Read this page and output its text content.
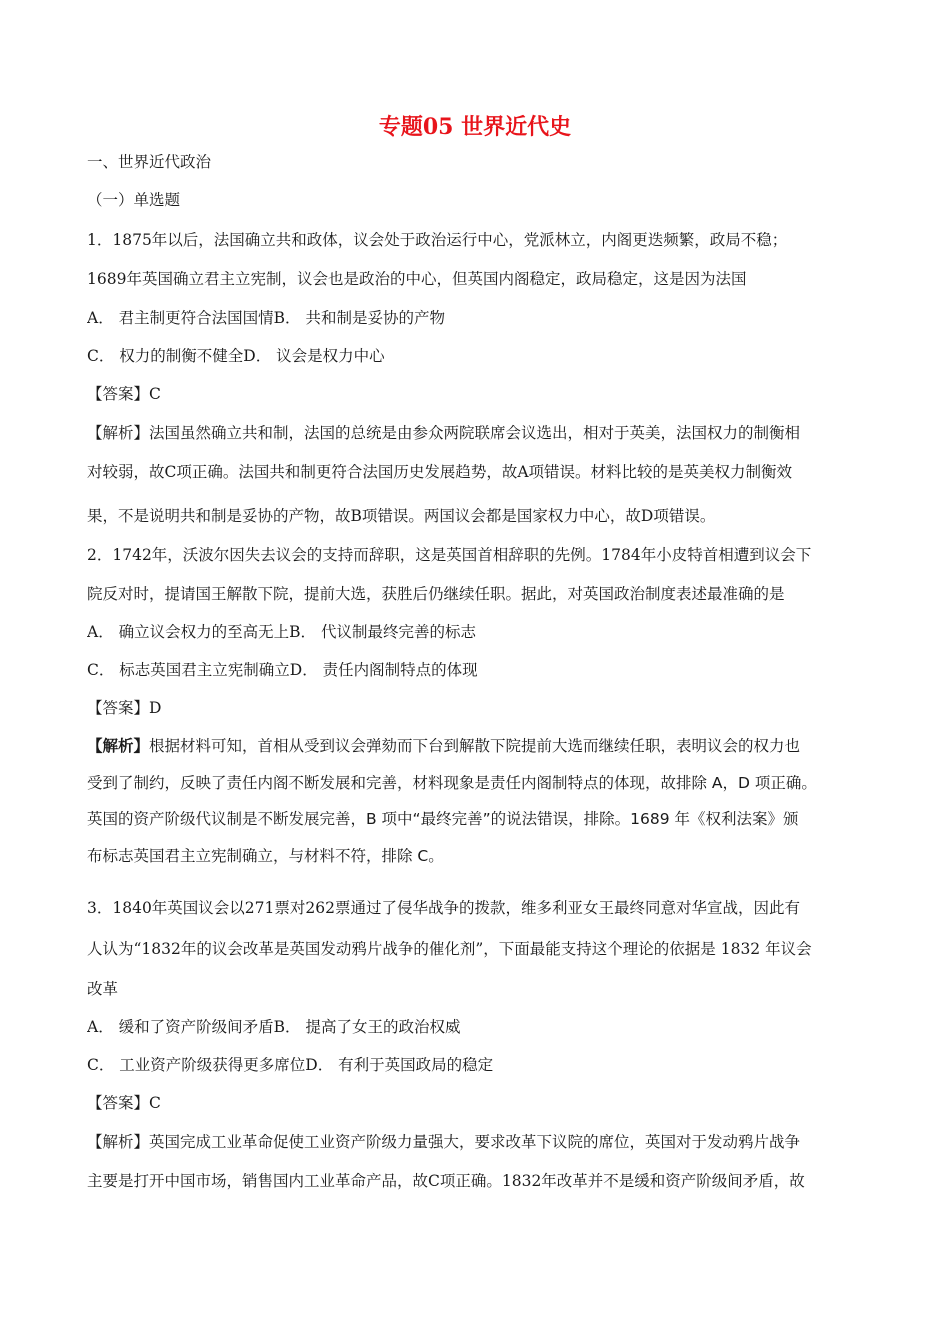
专题05 世界近代史
一、世界近代政治
（一）单选题
1．1875年以后，法国确立共和政体，议会处于政治运行中心，党派林立，内阁更迭频繁，政局不稳；
1689年英国确立君主立宪制，议会也是政治的中心，但英国内阁稳定，政局稳定，这是因为法国
A． 君主制更符合法国国情B． 共和制是妥协的产物
C． 权力的制衡不健全D． 议会是权力中心
【答案】C
【解析】法国虽然确立共和制，法国的总统是由参众两院联席会议选出，相对于英美，法国权力的制衡相
对较弱，故C项正确。法国共和制更符合法国历史发展趋势，故A项错误。材料比较的是英美权力制衡效
果，不是说明共和制是妥协的产物，故B项错误。两国议会都是国家权力中心，故D项错误。
2．1742年，沃波尔因失去议会的支持而辞职，这是英国首相辞职的先例。1784年小皮特首相遭到议会下
院反对时，提请国王解散下院，提前大选，获胜后仍继续任职。据此，对英国政治制度表述最准确的是
A． 确立议会权力的至高无上B． 代议制最终完善的标志
C． 标志英国君主立宪制确立D． 责任内阁制特点的体现
【答案】D
【解析】根据材料可知，首相从受到议会弹劾而下台到解散下院提前大选而继续任职，表明议会的权力也
受到了制约，反映了责任内阁不断发展和完善，材料现象是责任内阁制特点的体现，故排除 A，D 项正确。
英国的资产阶级代议制是不断发展完善，B 项中“最终完善”的说法错误，排除。1689 年《权利法案》颁
布标志英国君主立宪制确立，与材料不符，排除 C。
3．1840年英国议会以271票对262票通过了侵华战争的拨款，维多利亚女王最终同意对华宣战，因此有
人认为“1832年的议会改革是英国发动鸦片战争的催化剂”，下面最能支持这个理论的依据是 1832 年议会
改革
A． 缓和了资产阶级间矛盾B． 提高了女王的政治权威
C． 工业资产阶级获得更多席位D． 有利于英国政局的稳定
【答案】C
【解析】英国完成工业革命促使工业资产阶级力量强大，要求改革下议院的席位，英国对于发动鸦片战争
主要是打开中国市场，销售国内工业革命产品，故C项正确。1832年改革并不是缓和资产阶级间矛盾，故
